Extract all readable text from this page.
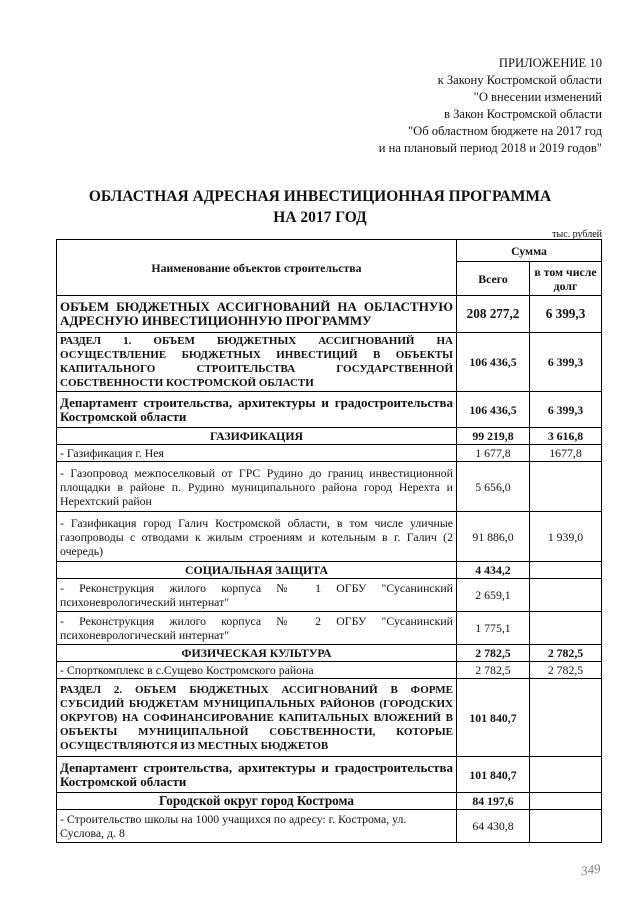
ПРИЛОЖЕНИЕ 10
к Закону Костромской области
"О внесении изменений
в Закон Костромской области
"Об областном бюджете на 2017 год
и на плановый период 2018 и 2019 годов"
ОБЛАСТНАЯ АДРЕСНАЯ ИНВЕСТИЦИОННАЯ ПРОГРАММА
НА 2017 ГОД
тыс. рублей
Наименование объектов строительства	Сумма	
	Всего	в том числе долг
ОБЪЕМ БЮДЖЕТНЫХ АССИГНОВАНИЙ НА ОБЛАСТНУЮ АДРЕСНУЮ ИНВЕСТИЦИОННУЮ ПРОГРАММУ	208 277,2	6 399,3
РАЗДЕЛ 1. ОБЪЕМ БЮДЖЕТНЫХ АССИГНОВАНИЙ НА ОСУЩЕСТВЛЕНИЕ БЮДЖЕТНЫХ ИНВЕСТИЦИЙ В ОБЪЕКТЫ КАПИТАЛЬНОГО СТРОИТЕЛЬСТВА ГОСУДАРСТВЕННОЙ СОБСТВЕННОСТИ КОСТРОМСКОЙ ОБЛАСТИ	106 436,5	6 399,3
Департамент строительства, архитектуры и градостроительства Костромской области	106 436,5	6 399,3
ГАЗИФИКАЦИЯ	99 219,8	3 616,8
- Газификация г. Нея	1 677,8	1677,8
- Газопровод межпоселковый от ГРС Рудино до границ инвестиционной площадки в районе п. Рудино муниципального района город Нерехта и Нерехтский район	5 656,0	
- Газификация город Галич Костромской области, в том числе уличные газопроводы с отводами к жилым строениям и котельным в г. Галич (2 очередь)	91 886,0	1 939,0
СОЦИАЛЬНАЯ ЗАЩИТА	4 434,2	
- Реконструкция жилого корпуса № 1 ОГБУ "Сусанинский психоневрологический интернат"	2 659,1	
- Реконструкция жилого корпуса № 2 ОГБУ "Сусанинский психоневрологический интернат"	1 775,1	
ФИЗИЧЕСКАЯ КУЛЬТУРА	2 782,5	2 782,5
- Спорткомплекс в с.Сущево Костромского района	2 782,5	2 782,5
РАЗДЕЛ 2. ОБЪЕМ БЮДЖЕТНЫХ АССИГНОВАНИЙ В ФОРМЕ СУБСИДИЙ БЮДЖЕТАМ МУНИЦИПАЛЬНЫХ РАЙОНОВ (ГОРОДСКИХ ОКРУГОВ) НА СОФИНАНСИРОВАНИЕ КАПИТАЛЬНЫХ ВЛОЖЕНИЙ В ОБЪЕКТЫ МУНИЦИПАЛЬНОЙ СОБСТВЕННОСТИ, КОТОРЫЕ ОСУЩЕСТВЛЯЮТСЯ ИЗ МЕСТНЫХ БЮДЖЕТОВ	101 840,7	
Департамент строительства, архитектуры и градостроительства Костромской области	101 840,7	
Городской округ город Кострома	84 197,6	
- Строительство школы на 1000 учащихся по адресу: г. Кострома, ул. Суслова, д. 8	64 430,8	
349
